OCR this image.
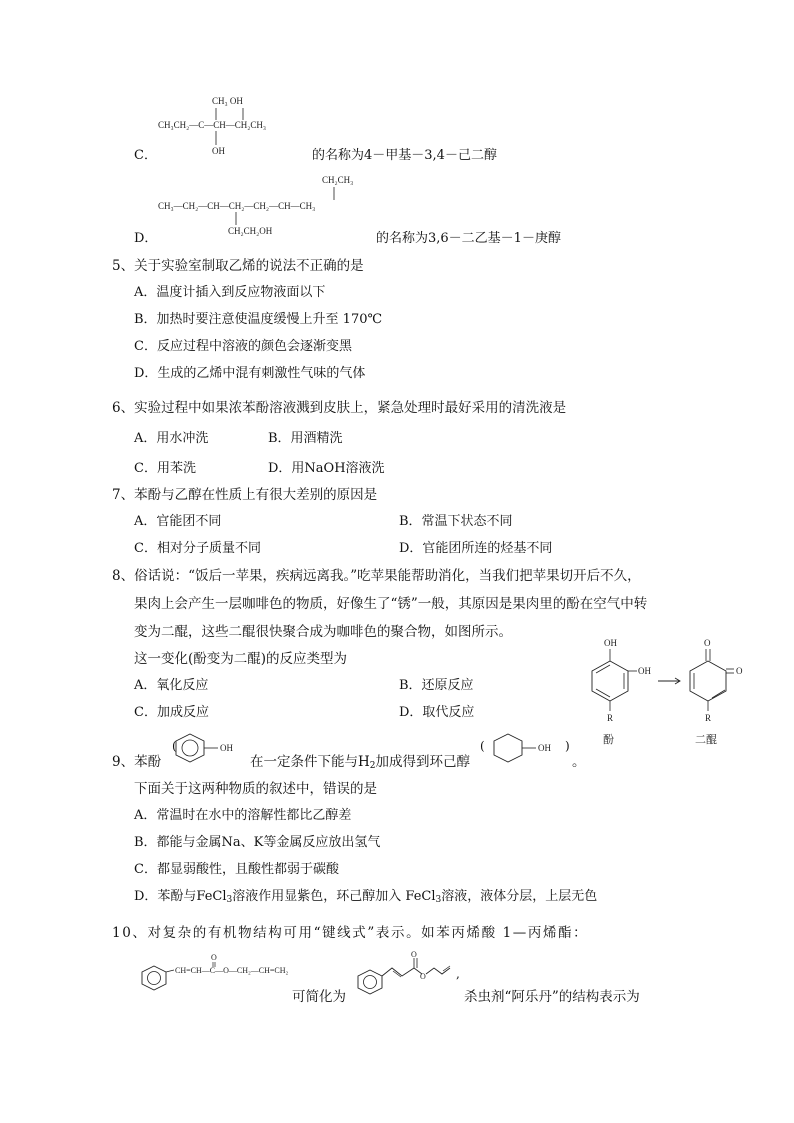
CH₃ OH
CH₃CH₂—C—CH—CH₂CH₃
OH
C．	的名称为4－甲基－3,4－己二醇
CH₂CH₃
CH₃—CH₂—CH—CH₂—CH₂—CH—CH₃
CH₂CH₂OH
D．	的名称为3,6－二乙基－1－庚醇
5、关于实验室制取乙烯的说法不正确的是
A．温度计插入到反应物液面以下
B．加热时要注意使温度缓慢上升至 170℃
C．反应过程中溶液的颜色会逐渐变黑
D．生成的乙烯中混有刺激性气味的气体
6、实验过程中如果浓苯酚溶液溅到皮肤上，紧急处理时最好采用的清洗液是
A．用水冲洗	B．用酒精洗
C．用苯洗	D．用NaOH溶液洗
7、苯酚与乙醇在性质上有很大差别的原因是
A．官能团不同	B．常温下状态不同
C．相对分子质量不同	D．官能团所连的烃基不同
8、俗话说：“饭后一苹果，疾病远离我。”吃苹果能帮助消化，当我们把苹果切开后不久，
果肉上会产生一层咖啡色的物质，好像生了“锈”一般，其原因是果肉里的酚在空气中转
变为二醌，这些二醌很快聚合成为咖啡色的聚合物，如图所示。
这一变化(酚变为二醌)的反应类型为
A．氧化反应	B．还原反应
C．加成反应	D．取代反应
OH
OH
R
酚
O
O
R
二醌
9、苯酚
(	OH
在一定条件下能与$H_2$加成得到环己醇
(	OH )
。
下面关于这两种物质的叙述中，错误的是
A．常温时在水中的溶解性都比乙醇差
B．都能与金属Na、K等金属反应放出氢气
C．都显弱酸性，且酸性都弱于碳酸
D．苯酚与FeCl$_3$溶液作用显紫色，环己醇加入 FeCl$_3$溶液，液体分层，上层无色
10、对复杂的有机物结构可用“键线式”表示。如苯丙烯酸 1—丙烯酯：
CH=CH—C—O—CH₂—CH=CH₂
O
可简化为
O
O
,
杀虫剂“阿乐丹”的结构表示为
